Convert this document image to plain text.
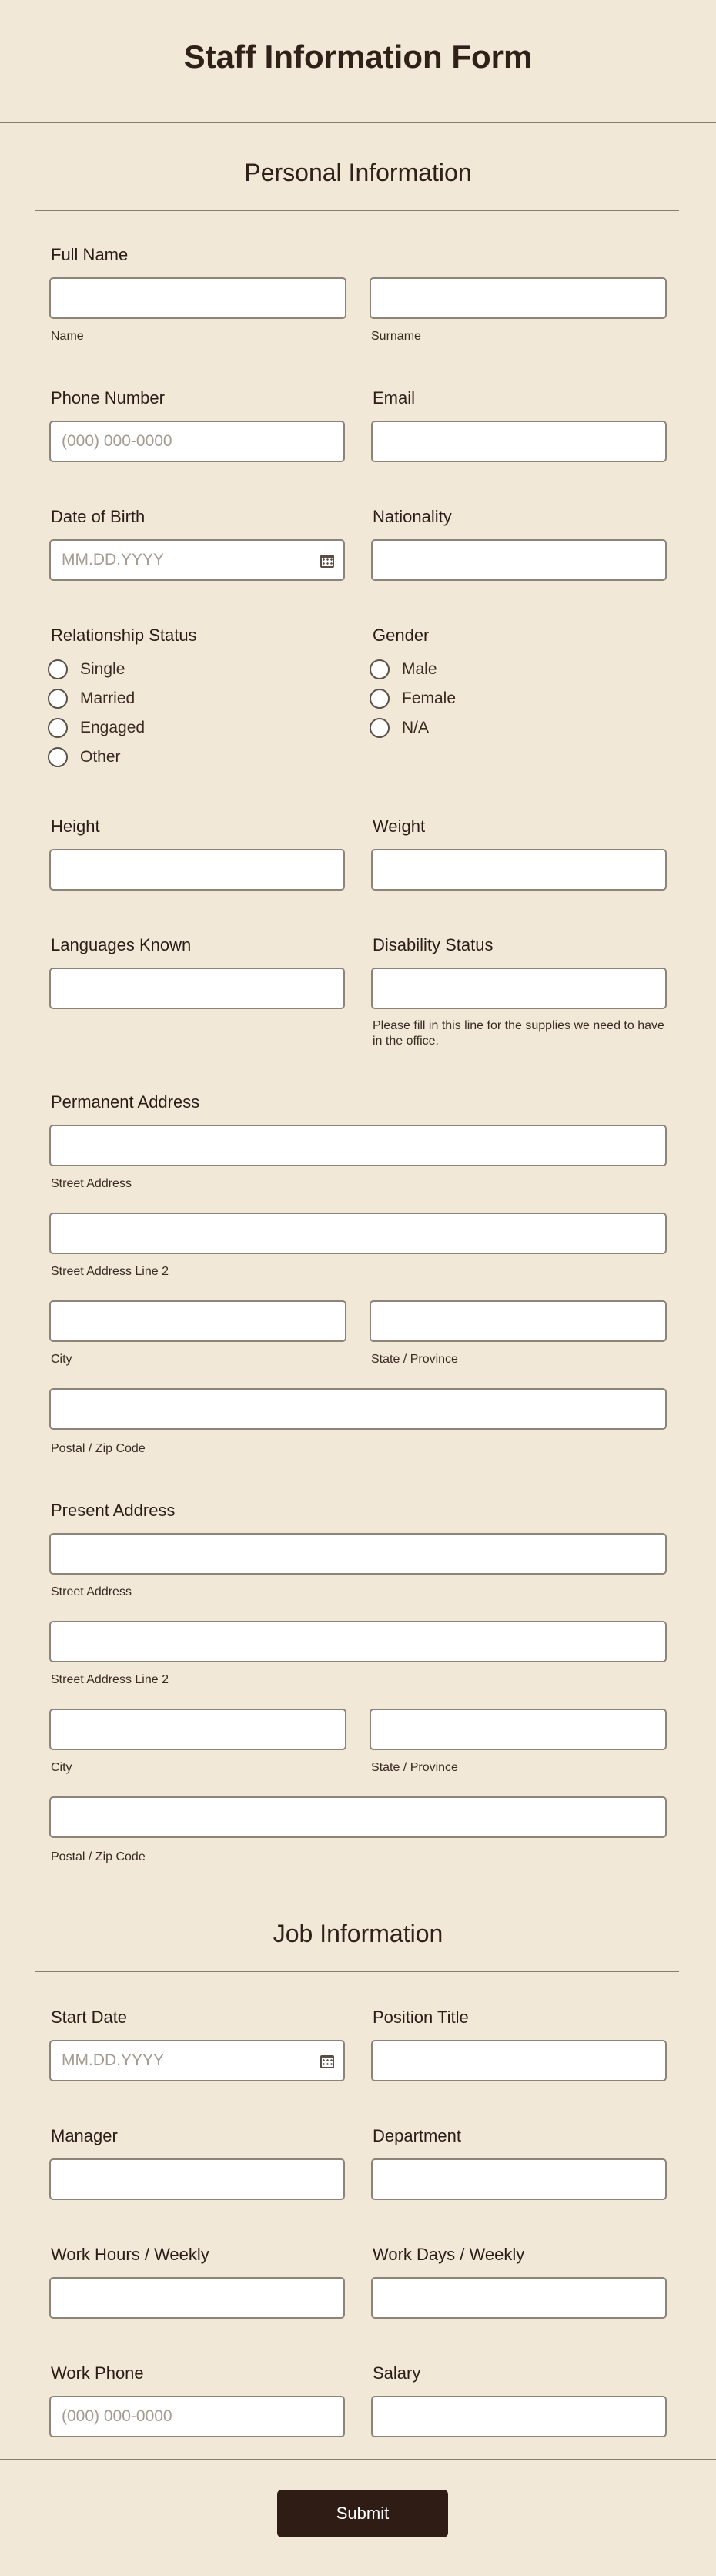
Staff Information Form
Personal Information
Full Name
Name	Surname
Phone Number	Email
(000) 000-0000
Date of Birth	Nationality
MM.DD.YYYY
Relationship Status	Gender
Single
Married
Engaged
Other
Male
Female
N/A
Height	Weight
Languages Known	Disability Status
Please fill in this line for the supplies we need to have in the office.
Permanent Address
Street Address
Street Address Line 2
City	State / Province
Postal / Zip Code
Present Address
Street Address
Street Address Line 2
City	State / Province
Postal / Zip Code
Job Information
Start Date	Position Title
MM.DD.YYYY
Manager	Department
Work Hours / Weekly	Work Days / Weekly
Work Phone	Salary
(000) 000-0000
Submit
